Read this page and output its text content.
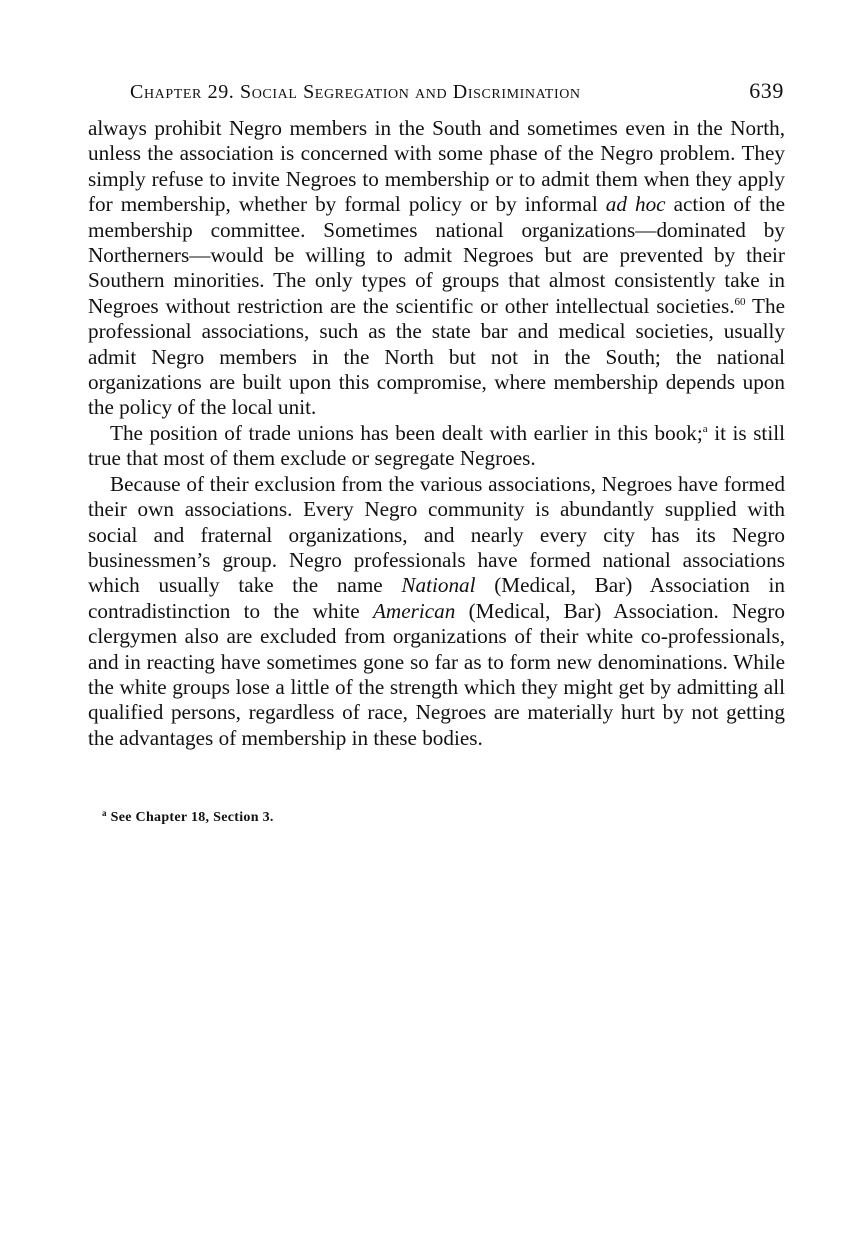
Chapter 29. Social Segregation and Discrimination	639

always prohibit Negro members in the South and sometimes even in the North, unless the association is concerned with some phase of the Negro problem. They simply refuse to invite Negroes to membership or to admit them when they apply for membership, whether by formal policy or by informal ad hoc action of the membership committee. Sometimes national organizations—dominated by Northerners—would be willing to admit Negroes but are prevented by their Southern minorities. The only types of groups that almost consistently take in Negroes without restriction are the scientific or other intellectual societies.$^{60}$ The professional associations, such as the state bar and medical societies, usually admit Negro members in the North but not in the South; the national organizations are built upon this compromise, where membership depends upon the policy of the local unit.

The position of trade unions has been dealt with earlier in this book;$^a$ it is still true that most of them exclude or segregate Negroes.

Because of their exclusion from the various associations, Negroes have formed their own associations. Every Negro community is abundantly supplied with social and fraternal organizations, and nearly every city has its Negro businessmen’s group. Negro professionals have formed national associations which usually take the name National (Medical, Bar) Association in contradistinction to the white American (Medical, Bar) Association. Negro clergymen also are excluded from organizations of their white co-professionals, and in reacting have sometimes gone so far as to form new denominations. While the white groups lose a little of the strength which they might get by admitting all qualified persons, regardless of race, Negroes are materially hurt by not getting the advantages of membership in these bodies.

$^a$ See Chapter 18, Section 3.
